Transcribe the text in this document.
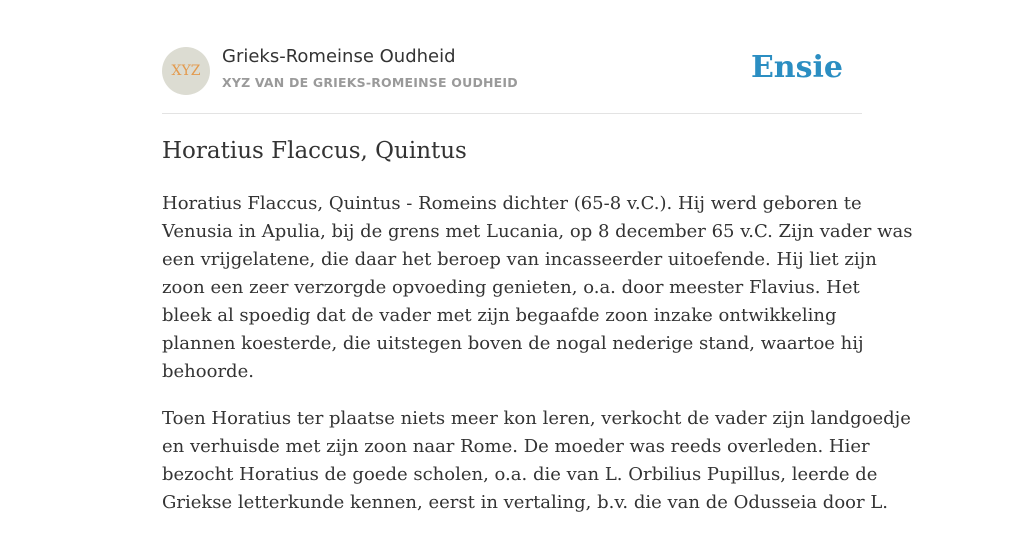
XYZ
Grieks-Romeinse Oudheid
XYZ VAN DE GRIEKS-ROMEINSE OUDHEID	Ensie
Horatius Flaccus, Quintus

Horatius Flaccus, Quintus - Romeins dichter (65-8 v.C.). Hij werd geboren te
Venusia in Apulia, bij de grens met Lucania, op 8 december 65 v.C. Zijn vader was
een vrijgelatene, die daar het beroep van incasseerder uitoefende. Hij liet zijn
zoon een zeer verzorgde opvoeding genieten, o.a. door meester Flavius. Het
bleek al spoedig dat de vader met zijn begaafde zoon inzake ontwikkeling
plannen koesterde, die uitstegen boven de nogal nederige stand, waartoe hij
behoorde.

Toen Horatius ter plaatse niets meer kon leren, verkocht de vader zijn landgoedje
en verhuisde met zijn zoon naar Rome. De moeder was reeds overleden. Hier
bezocht Horatius de goede scholen, o.a. die van L. Orbilius Pupillus, leerde de
Griekse letterkunde kennen, eerst in vertaling, b.v. die van de Odusseia door L.
